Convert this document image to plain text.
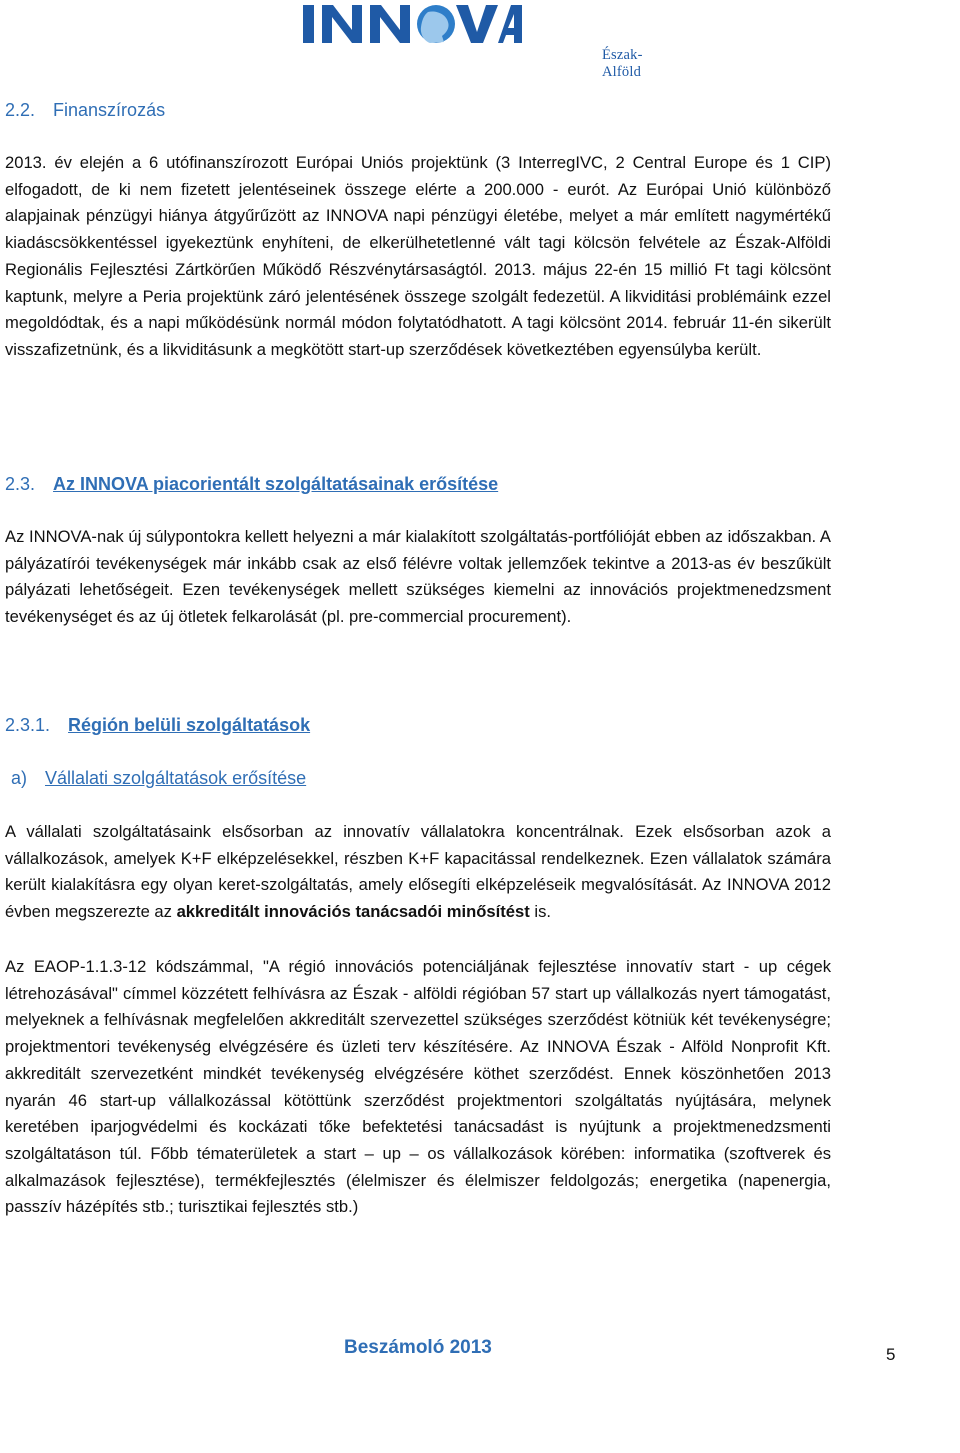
Észak-Alföld
2.2. Finanszírozás

2013. év elején a 6 utófinanszírozott Európai Uniós projektünk (3 InterregIVC, 2 Central Europe és 1 CIP) elfogadott, de ki nem fizetett jelentéseinek összege elérte a 200.000 - eurót. Az Európai Unió különböző alapjainak pénzügyi hiánya átgyűrűzött az INNOVA napi pénzügyi életébe, melyet a már említett nagymértékű kiadáscsökkentéssel igyekeztünk enyhíteni, de elkerülhetetlenné vált tagi kölcsön felvétele az Észak-Alföldi Regionális Fejlesztési Zártkörűen Működő Részvénytársaságtól. 2013. május 22-én 15 millió Ft tagi kölcsönt kaptunk, melyre a Peria projektünk záró jelentésének összege szolgált fedezetül. A likviditási problémáink ezzel megoldódtak, és a napi működésünk normál módon folytatódhatott. A tagi kölcsönt 2014. február 11-én sikerült visszafizetnünk, és a likviditásunk a megkötött start-up szerződések következtében egyensúlyba került.

2.3. Az INNOVA piacorientált szolgáltatásainak erősítése

Az INNOVA-nak új súlypontokra kellett helyezni a már kialakított szolgáltatás-portfólióját ebben az időszakban. A pályázatírói tevékenységek már inkább csak az első félévre voltak jellemzőek tekintve a 2013-as év beszűkült pályázati lehetőségeit. Ezen tevékenységek mellett szükséges kiemelni az innovációs projektmenedzsment tevékenységet és az új ötletek felkarolását (pl. pre-commercial procurement).

2.3.1. Régión belüli szolgáltatások
a) Vállalati szolgáltatások erősítése

A vállalati szolgáltatásaink elsősorban az innovatív vállalatokra koncentrálnak. Ezek elsősorban azok a vállalkozások, amelyek K+F elképzelésekkel, részben K+F kapacitással rendelkeznek. Ezen vállalatok számára került kialakításra egy olyan keret-szolgáltatás, amely elősegíti elképzeléseik megvalósítását. Az INNOVA 2012 évben megszerezte az akkreditált innovációs tanácsadói minősítést is.

Az EAOP-1.1.3-12 kódszámmal, "A régió innovációs potenciáljának fejlesztése innovatív start - up cégek létrehozásával" címmel közzétett felhívásra az Észak - alföldi régióban 57 start up vállalkozás nyert támogatást, melyeknek a felhívásnak megfelelően akkreditált szervezettel szükséges szerződést kötniük két tevékenységre; projektmentori tevékenység elvégzésére és üzleti terv készítésére. Az INNOVA Észak - Alföld Nonprofit Kft. akkreditált szervezetként mindkét tevékenység elvégzésére köthet szerződést. Ennek köszönhetően 2013 nyarán 46 start-up vállalkozással kötöttünk szerződést projektmentori szolgáltatás nyújtására, melynek keretében iparjogvédelmi és kockázati tőke befektetési tanácsadást is nyújtunk a projektmenedzsmenti szolgáltatáson túl. Főbb tématerületek a start – up – os vállalkozások körében: informatika (szoftverek és alkalmazások fejlesztése), termékfejlesztés (élelmiszer és élelmiszer feldolgozás; energetika (napenergia, passzív házépítés stb.; turisztikai fejlesztés stb.)

Beszámoló 2013	5
